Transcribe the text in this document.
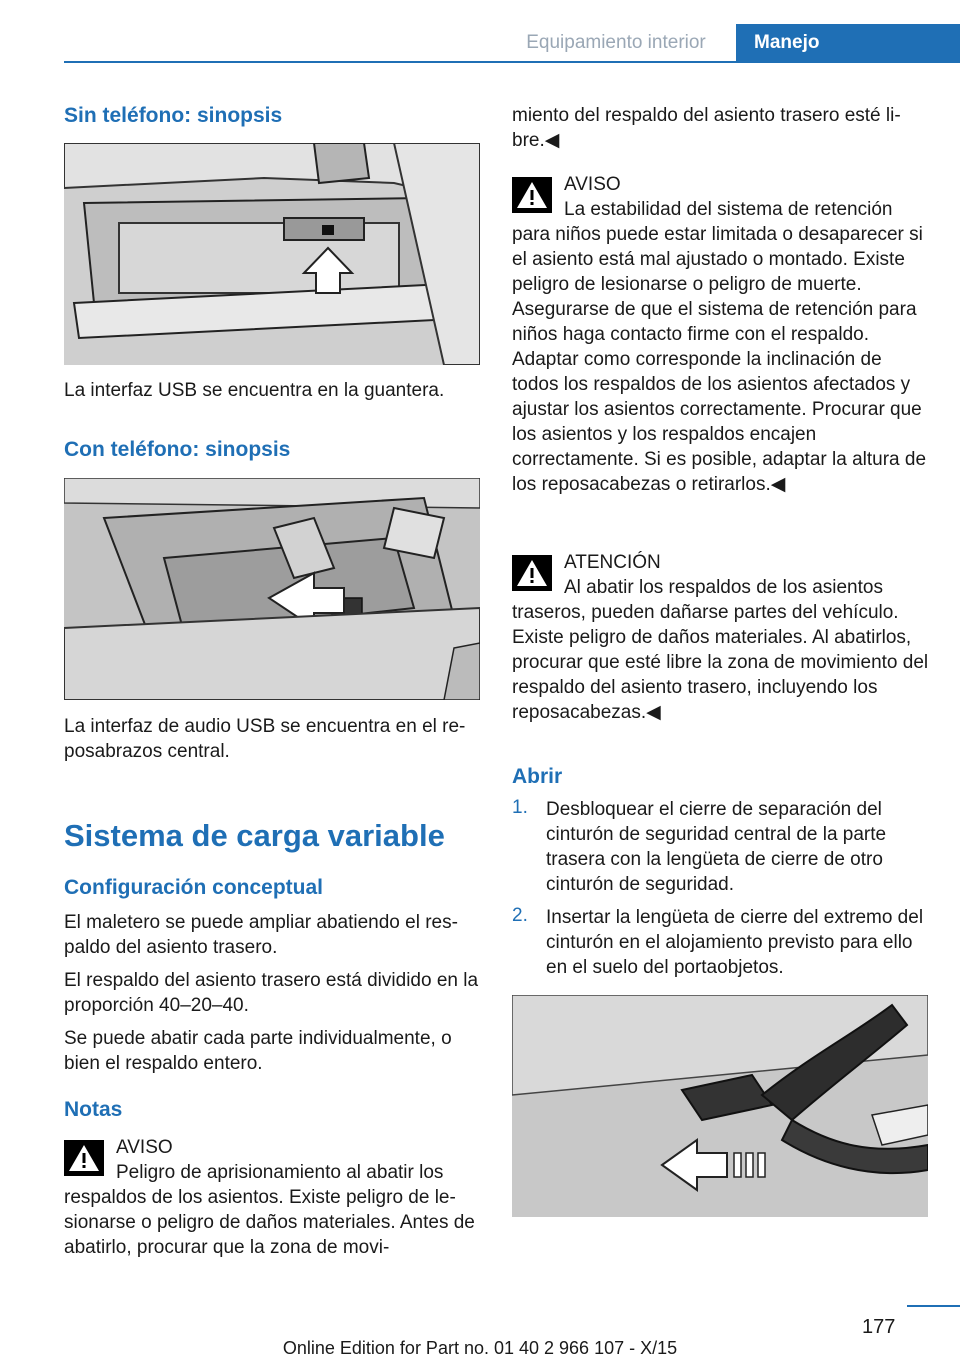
Equipamiento interior	Manejo
Sin teléfono: sinopsis
La interfaz USB se encuentra en la guantera.
Con teléfono: sinopsis
La interfaz de audio USB se encuentra en el reposabrazos central.
Sistema de carga variable
Configuración conceptual
El maletero se puede ampliar abatiendo el respaldo del asiento trasero.
El respaldo del asiento trasero está dividido en la proporción 40–20–40.
Se puede abatir cada parte individualmente, o bien el respaldo entero.
Notas
AVISO
Peligro de aprisionamiento al abatir los respaldos de los asientos. Existe peligro de lesionarse o peligro de daños materiales. Antes de abatirlo, procurar que la zona de movi-
miento del respaldo del asiento trasero esté libre.◀
AVISO
La estabilidad del sistema de retención para niños puede estar limitada o desaparecer si el asiento está mal ajustado o montado. Existe peligro de lesionarse o peligro de muerte. Asegurarse de que el sistema de retención para niños haga contacto firme con el respaldo. Adaptar como corresponde la inclinación de todos los respaldos de los asientos afectados y ajustar los asientos correctamente. Procurar que los asientos y los respaldos encajen correctamente. Si es posible, adaptar la altura de los reposacabezas o retirarlos.◀
ATENCIÓN
Al abatir los respaldos de los asientos traseros, pueden dañarse partes del vehículo. Existe peligro de daños materiales. Al abatirlos, procurar que esté libre la zona de movimiento del respaldo del asiento trasero, incluyendo los reposacabezas.◀
Abrir
1. Desbloquear el cierre de separación del cinturón de seguridad central de la parte trasera con la lengüeta de cierre de otro cinturón de seguridad.
2. Insertar la lengüeta de cierre del extremo del cinturón en el alojamiento previsto para ello en el suelo del portaobjetos.
177
Online Edition for Part no. 01 40 2 966 107 - X/15
